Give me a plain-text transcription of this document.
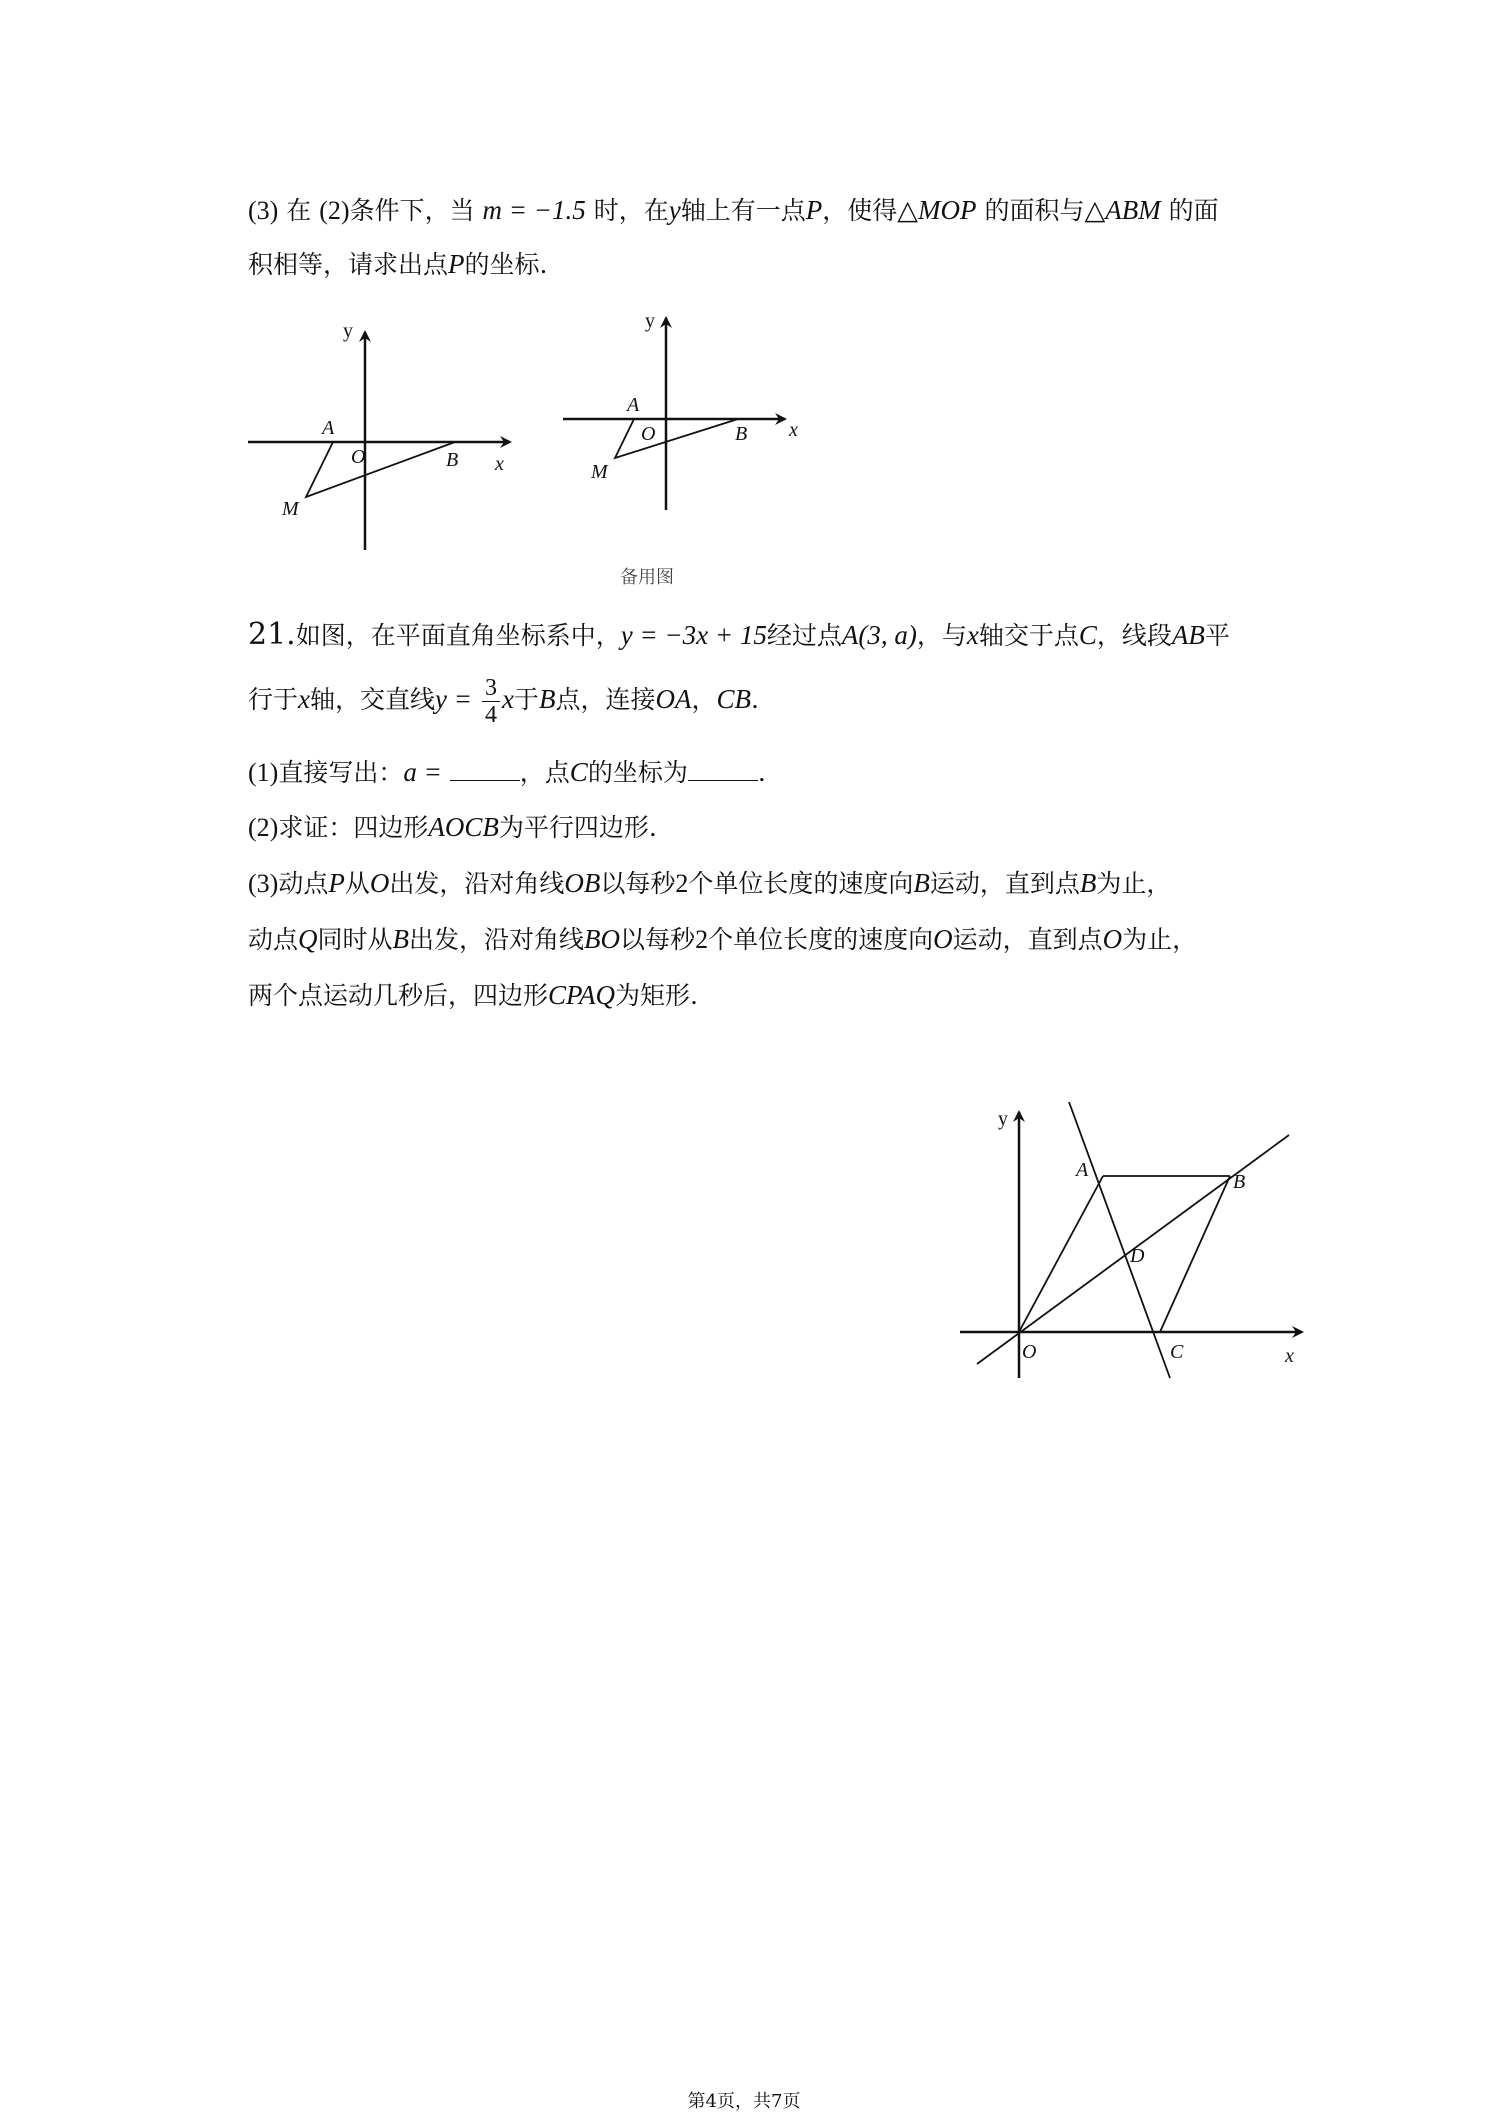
(3) 在 (2)条件下，当 m = −1.5 时，在y轴上有一点P，使得△MOP 的面积与△ABM 的面
积相等，请求出点P的坐标.
y
x
A
O	B
M
y
x
A
O	B
M
备用图
21.如图，在平面直角坐标系中，y = −3x + 15经过点A(3, a)，与x轴交于点C，线段AB平
行于x轴，交直线$y = \frac{3}{4}$ x于B点，连接OA，CB.
(1)直接写出：a =	，点C的坐标为	.
(2)求证：四边形AOCB为平行四边形.
(3)动点P从O出发，沿对角线OB以每秒2个单位长度的速度向B运动，直到点B为止，
动点Q同时从B出发，沿对角线BO以每秒2个单位长度的速度向O运动，直到点O为止，
两个点运动几秒后，四边形CPAQ为矩形.
y
x
A
B
D
O	C
第4页，共7页
